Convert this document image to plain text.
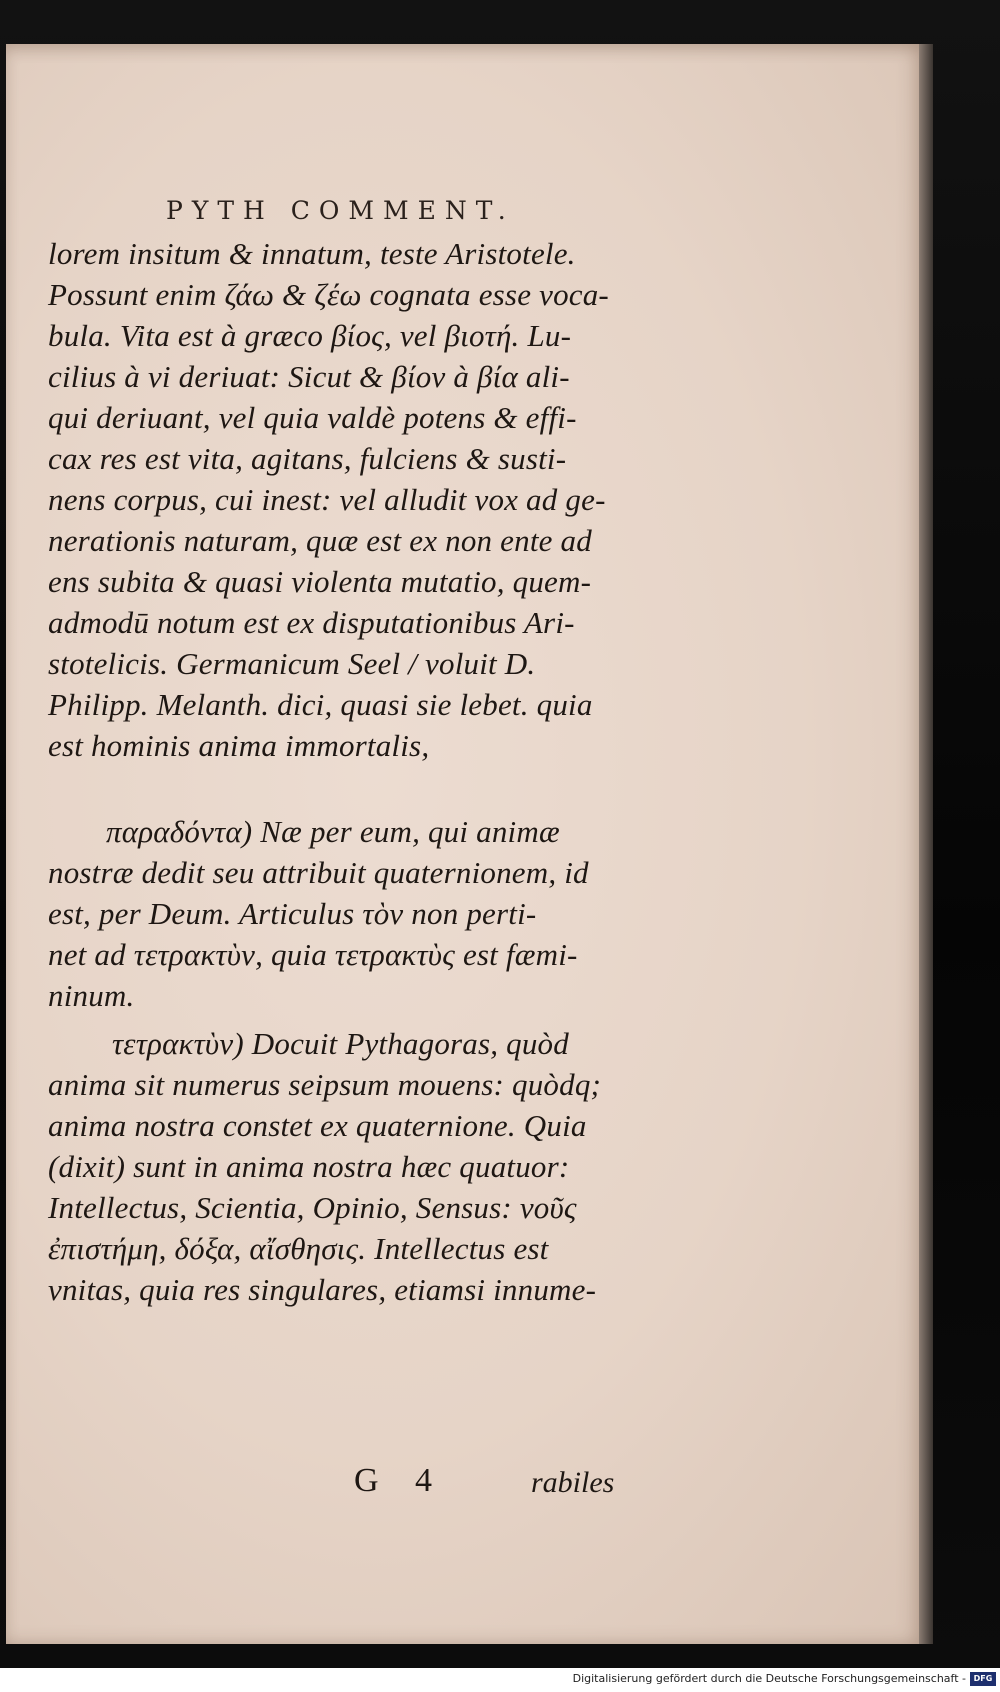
PYTH COMMENT.
lorem insitum & innatum, teste Aristotele.
Possunt enim ζάω & ζέω cognata esse voca-
bula. Vita est à græco βίος, vel βιοτή. Lu-
cilius à vi deriuat: Sicut & βίον à βία ali-
qui deriuant, vel quia valdè potens & effi-
cax res est vita, agitans, fulciens & susti-
nens corpus, cui inest: vel alludit vox ad ge-
nerationis naturam, quæ est ex non ente ad
ens subita & quasi violenta mutatio, quem-
admodū notum est ex disputationibus Ari-
stotelicis. Germanicum Seel / voluit D.
Philipp. Melanth. dici, quasi sie lebet. quia
est hominis anima immortalis,
παραδόντα) Næ per eum, qui animæ
nostræ dedit seu attribuit quaternionem, id
est, per Deum. Articulus τὸν non perti-
net ad τετρακτὺν, quia τετρακτὺς est fæmi-
ninum.
τετρακτὺν) Docuit Pythagoras, quòd
anima sit numerus seipsum mouens: quòdq;
anima nostra constet ex quaternione. Quia
(dixit) sunt in anima nostra hæc quatuor:
Intellectus, Scientia, Opinio, Sensus: νοῦς
ἐπιστήμη, δόξα, αἴσθησις. Intellectus est
vnitas, quia res singulares, etiamsi innume-
G 4	rabiles
Digitalisierung gefördert durch die Deutsche Forschungsgemeinschaft - DFG
